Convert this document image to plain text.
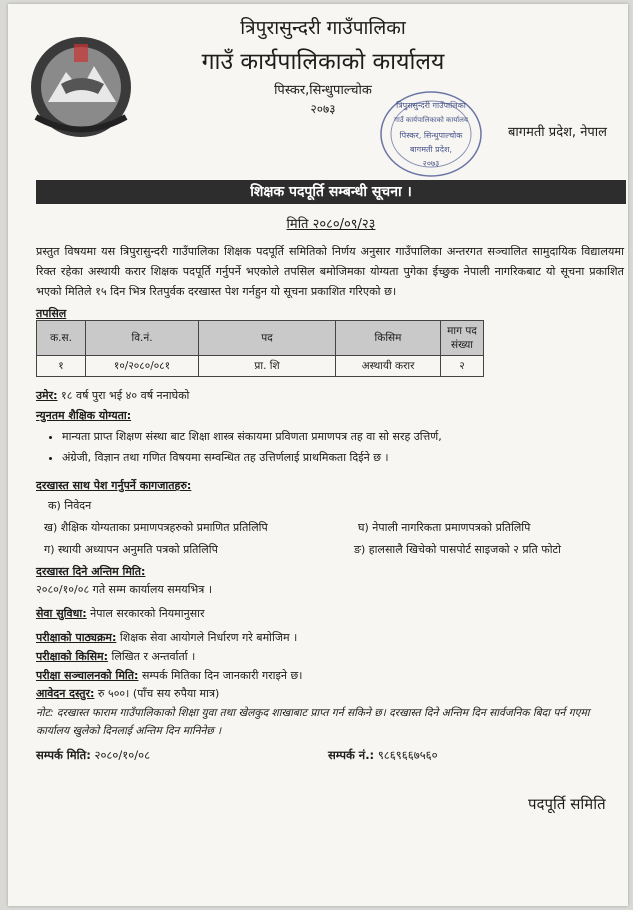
त्रिपुरासुन्दरी गाउँपालिका
गाउँ कार्यपालिकाको कार्यालय
पिस्कर,सिन्धुपाल्चोक
२०७३	त्रिपुरासुन्दरी गाउँपालिका
गाउँ कार्यपालिकाको कार्यालय
पिस्कर, सिन्धुपाल्चोक
बागमती प्रदेश,
२०७३
बागमती प्रदेश, नेपाल
शिक्षक पदपूर्ति सम्बन्धी सूचना ।
मिति २०८०/०९/२३
प्रस्तुत विषयमा यस त्रिपुरासुन्दरी गाउँपालिका शिक्षक पदपूर्ति समितिको निर्णय अनुसार गाउँपालिका अन्तरगत सञ्चालित सामुदायिक विद्यालयमा रिक्त रहेका अस्थायी करार शिक्षक पदपूर्ति गर्नुपर्ने भएकोले तपसिल बमोजिमका योग्यता पुगेका ईच्छुक नेपाली नागरिकबाट यो सूचना प्रकाशित भएको मितिले १५ दिन भित्र रितपुर्वक दरखास्त पेश गर्नहुन यो सूचना प्रकाशित गरिएको छ।
तपसिल
क.स.	वि.नं.	पद	किसिम	माग पद संख्या
१	१०/२०८०/०८१	प्रा. शि	अस्थायी करार	२
उमेर: १८ वर्ष पुरा भई ४० वर्ष ननाघेको
न्युनतम शैक्षिक योग्यता:
• मान्यता प्राप्त शिक्षण संस्था बाट शिक्षा शास्त्र संकायमा प्रविणता प्रमाणपत्र तह वा सो सरह उत्तिर्ण,
• अंग्रेजी, विज्ञान तथा गणित विषयमा सम्वन्धित तह उत्तिर्णलाई प्राथमिकता दिईने छ ।
दरखास्त साथ पेश गर्नुपर्ने कागजातहरु:
क) निवेदन
ख) शैक्षिक योग्यताका प्रमाणपत्रहरुको प्रमाणित प्रतिलिपि	घ) नेपाली नागरिकता प्रमाणपत्रको प्रतिलिपि
ग) स्थायी अध्यापन अनुमति पत्रको प्रतिलिपि	ङ) हालसालै खिचेको पासपोर्ट साइजको २ प्रति फोटो
दरखास्त दिने अन्तिम मिति:
२०८०/१०/०८ गते सम्म कार्यालय समयभित्र ।
सेवा सुविधा: नेपाल सरकारको नियमानुसार
परीक्षाको पाठ्यक्रम: शिक्षक सेवा आयोगले निर्धारण गरे बमोजिम ।
परीक्षाको किसिम: लिखित र अन्तर्वार्ता ।
परीक्षा सञ्चालनको मिति: सम्पर्क मितिका दिन जानकारी गराइने छ।
आवेदन दस्तुर: रु ५००। (पाँच सय रुपैया मात्र)
नोट: दरखास्त फाराम गाउँपालिकाको शिक्षा युवा तथा खेलकुद शाखाबाट प्राप्त गर्न सकिने छ। दरखास्त दिने अन्तिम दिन सार्वजनिक बिदा पर्न गएमा कार्यालय खुलेको दिनलाई अन्तिम दिन मानिनेछ ।
सम्पर्क मिति: २०८०/१०/०८	सम्पर्क नं.: ९८६९६६७५६०
पदपूर्ति समिति
